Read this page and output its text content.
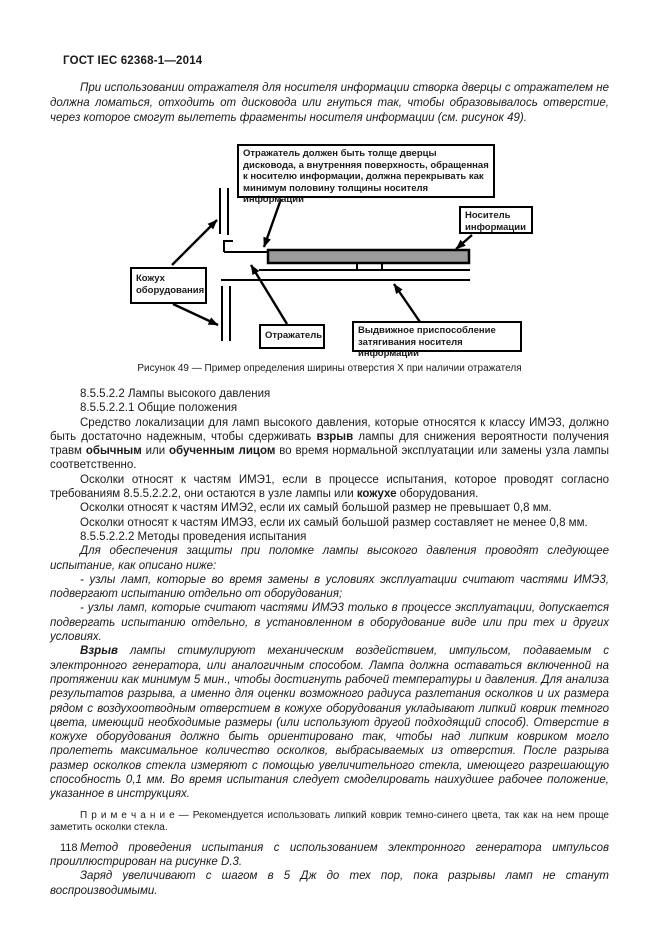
ГОСТ IEC 62368-1—2014

При использовании отражателя для носителя информации створка дверцы с отражателем не должна ломаться, отходить от дисковода или гнуться так, чтобы образовывалось отверстие, через которое смогут вылететь фрагменты носителя информации (см. рисунок 49).

Отражатель должен быть толще дверцы дисковода, а внутренняя поверхность, обращенная к носителю информации, должна перекрывать как минимум половину толщины носителя информации
Носитель информации
Кожух оборудования
Отражатель	Выдвижное приспособление затягивания носителя информации
Рисунок 49 — Пример определения ширины отверстия Х при наличии отражателя

8.5.5.2.2 Лампы высокого давления

8.5.5.2.2.1 Общие положения

Средство локализации для ламп высокого давления, которые относятся к классу ИМЭ3, должно быть достаточно надежным, чтобы сдерживать взрыв лампы для снижения вероятности получения травм обычным или обученным лицом во время нормальной эксплуатации или замены узла лампы соответственно.

Осколки относят к частям ИМЭ1, если в процессе испытания, которое проводят согласно требованиям 8.5.5.2.2.2, они остаются в узле лампы или кожухе оборудования.

Осколки относят к частям ИМЭ2, если их самый большой размер не превышает 0,8 мм.

Осколки относят к частям ИМЭ3, если их самый большой размер составляет не менее 0,8 мм.

8.5.5.2.2.2 Методы проведения испытания

Для обеспечения защиты при поломке лампы высокого давления проводят следующее испытание, как описано ниже:

- узлы ламп, которые во время замены в условиях эксплуатации считают частями ИМЭ3, подвергают испытанию отдельно от оборудования;

- узлы ламп, которые считают частями ИМЭ3 только в процессе эксплуатации, допускается подвергать испытанию отдельно, в установленном в оборудование виде или при тех и других условиях.

Взрыв лампы стимулируют механическим воздействием, импульсом, подаваемым с электронного генератора, или аналогичным способом. Лампа должна оставаться включенной на протяжении как минимум 5 мин., чтобы достигнуть рабочей температуры и давления. Для анализа результатов разрыва, а именно для оценки возможного радиуса разлетания осколков и их размера рядом с воздухоотводным отверстием в кожухе оборудования укладывают липкий коврик темного цвета, имеющий необходимые размеры (или используют другой подходящий способ). Отверстие в кожухе оборудования должно быть ориентировано так, чтобы над липким ковриком могло пролететь максимальное количество осколков, выбрасываемых из отверстия. После разрыва размер осколков стекла измеряют с помощью увеличительного стекла, имеющего разрешающую способность 0,1 мм. Во время испытания следует смоделировать наихудшее рабочее положение, указанное в инструкциях.

П р и м е ч а н и е — Рекомендуется использовать липкий коврик темно-синего цвета, так как на нем проще заметить осколки стекла.

Метод проведения испытания с использованием электронного генератора импульсов проиллюстрирован на рисунке D.3.

Заряд увеличивают с шагом в 5 Дж до тех пор, пока разрывы ламп не станут воспроизводимыми.

118
